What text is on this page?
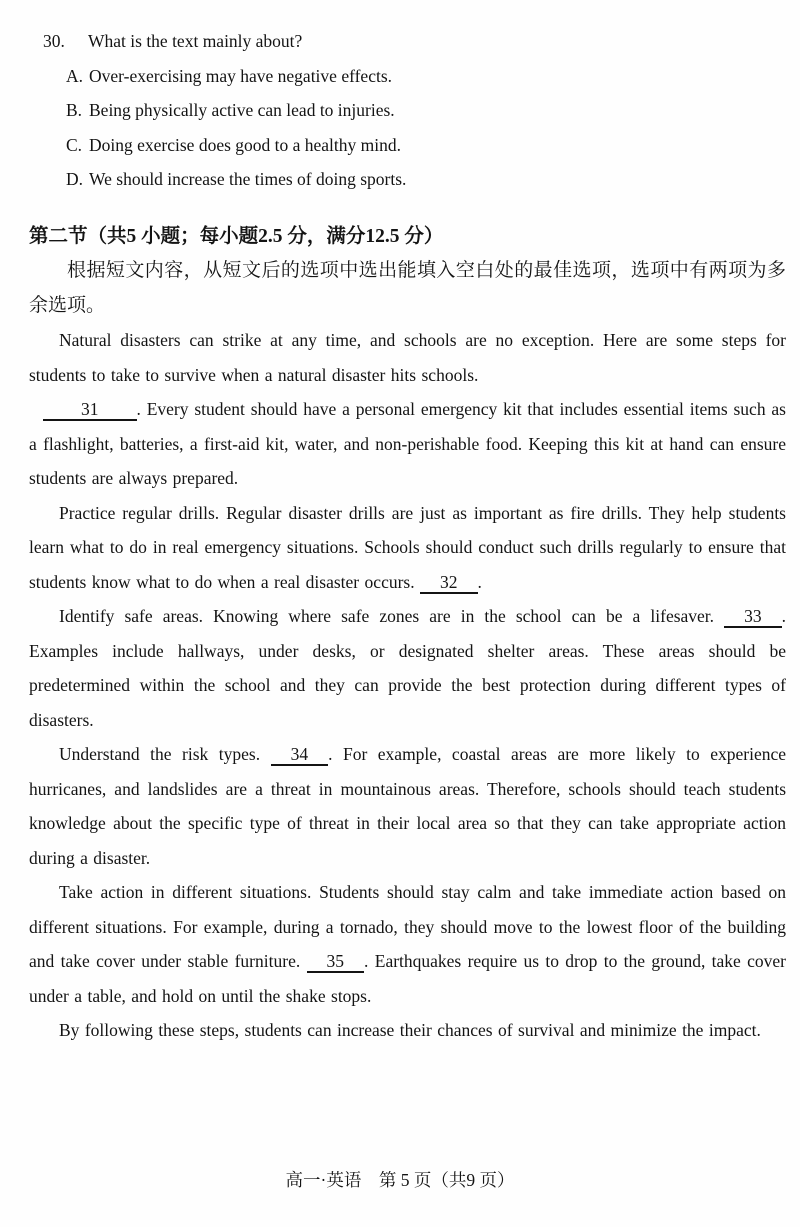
30.	What is the text mainly about?
A. Over-exercising may have negative effects.
B. Being physically active can lead to injuries.
C. Doing exercise does good to a healthy mind.
D. We should increase the times of doing sports.
第二节（共5 小题；每小题2.5 分，满分12.5 分）

根据短文内容，从短文后的选项中选出能填入空白处的最佳选项，选项中有两项为多余选项。

Natural disasters can strike at any time, and schools are no exception. Here are some steps for students to take to survive when a natural disaster hits schools.

31 . Every student should have a personal emergency kit that includes essential items such as a flashlight, batteries, a first-aid kit, water, and non-perishable food. Keeping this kit at hand can ensure students are always prepared.

Practice regular drills. Regular disaster drills are just as important as fire drills. They help students learn what to do in real emergency situations. Schools should conduct such drills regularly to ensure that students know what to do when a real disaster occurs. 32 .

Identify safe areas. Knowing where safe zones are in the school can be a lifesaver. 33 . Examples include hallways, under desks, or designated shelter areas. These areas should be predetermined within the school and they can provide the best protection during different types of disasters.

Understand the risk types. 34 . For example, coastal areas are more likely to experience hurricanes, and landslides are a threat in mountainous areas. Therefore, schools should teach students knowledge about the specific type of threat in their local area so that they can take appropriate action during a disaster.

Take action in different situations. Students should stay calm and take immediate action based on different situations. For example, during a tornado, they should move to the lowest floor of the building and take cover under stable furniture. 35 . Earthquakes require us to drop to the ground, take cover under a table, and hold on until the shake stops.

By following these steps, students can increase their chances of survival and minimize the impact.

高一·英语　第 5 页（共9 页）
